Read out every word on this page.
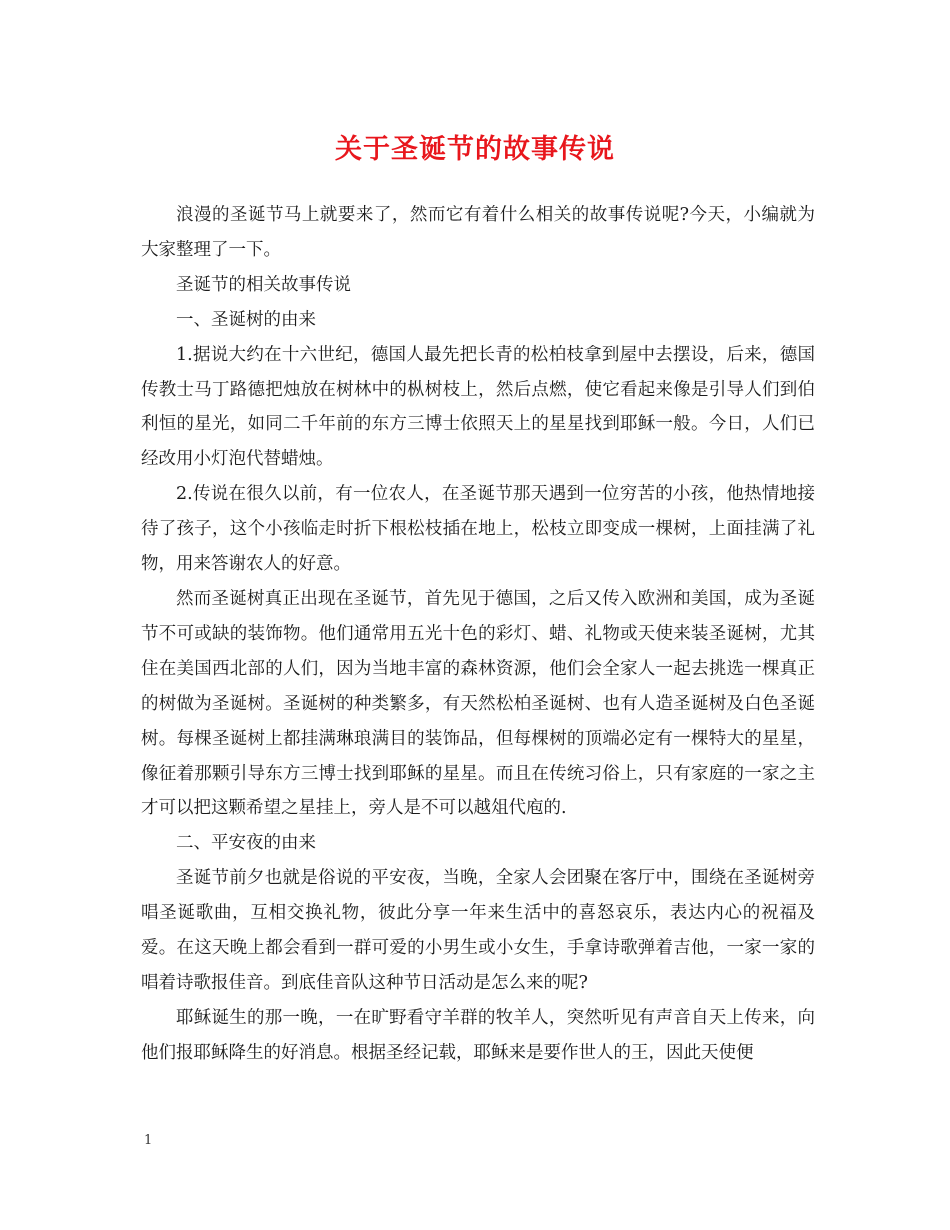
关于圣诞节的故事传说

浪漫的圣诞节马上就要来了，然而它有着什么相关的故事传说呢?今天，小编就为大家整理了一下。

圣诞节的相关故事传说

一、圣诞树的由来

1.据说大约在十六世纪，德国人最先把长青的松柏枝拿到屋中去摆设，后来，德国传教士马丁路德把烛放在树林中的枞树枝上，然后点燃，使它看起来像是引导人们到伯利恒的星光，如同二千年前的东方三博士依照天上的星星找到耶稣一般。今日，人们已经改用小灯泡代替蜡烛。

2.传说在很久以前，有一位农人，在圣诞节那天遇到一位穷苦的小孩，他热情地接待了孩子，这个小孩临走时折下根松枝插在地上，松枝立即变成一棵树，上面挂满了礼物，用来答谢农人的好意。

然而圣诞树真正出现在圣诞节，首先见于德国，之后又传入欧洲和美国，成为圣诞节不可或缺的装饰物。他们通常用五光十色的彩灯、蜡、礼物或天使来装圣诞树，尤其住在美国西北部的人们，因为当地丰富的森林资源，他们会全家人一起去挑选一棵真正的树做为圣诞树。圣诞树的种类繁多，有天然松柏圣诞树、也有人造圣诞树及白色圣诞树。每棵圣诞树上都挂满琳琅满目的装饰品，但每棵树的顶端必定有一棵特大的星星，像征着那颗引导东方三博士找到耶稣的星星。而且在传统习俗上，只有家庭的一家之主才可以把这颗希望之星挂上，旁人是不可以越俎代庖的.

二、平安夜的由来

圣诞节前夕也就是俗说的平安夜，当晚，全家人会团聚在客厅中，围绕在圣诞树旁唱圣诞歌曲，互相交换礼物，彼此分享一年来生活中的喜怒哀乐，表达内心的祝福及爱。在这天晚上都会看到一群可爱的小男生或小女生，手拿诗歌弹着吉他，一家一家的唱着诗歌报佳音。到底佳音队这种节日活动是怎么来的呢?

耶稣诞生的那一晚，一在旷野看守羊群的牧羊人，突然听见有声音自天上传来，向他们报耶稣降生的好消息。根据圣经记载，耶稣来是要作世人的王，因此天使便

1
